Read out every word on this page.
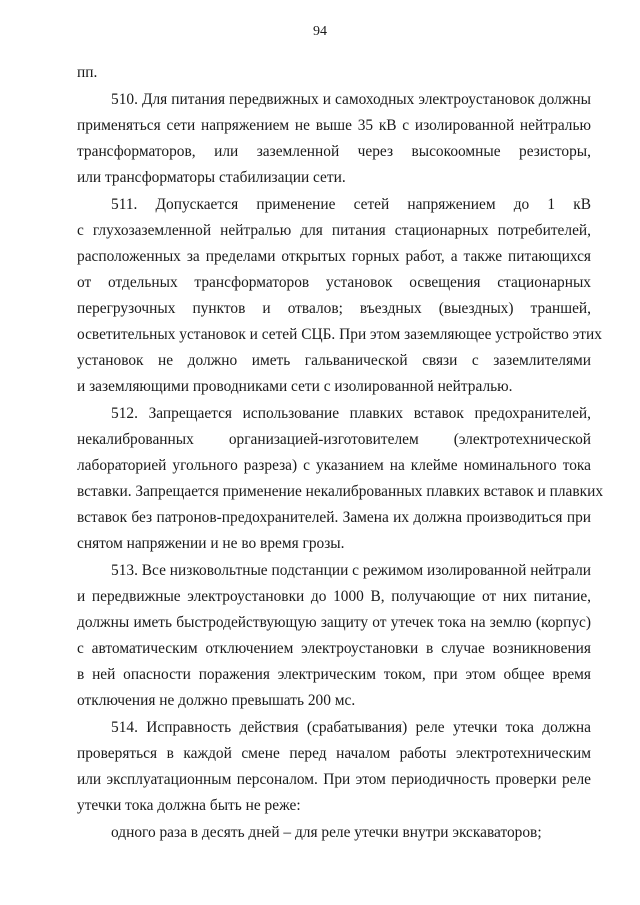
94
пп.
510. Для питания передвижных и самоходных электроустановок должны
применяться сети напряжением не выше 35 кВ с изолированной нейтралью
трансформаторов, или заземленной через высокоомные резисторы,
или трансформаторы стабилизации сети.
511. Допускается применение сетей напряжением до 1 кВ
с глухозаземленной нейтралью для питания стационарных потребителей,
расположенных за пределами открытых горных работ, а также питающихся
от отдельных трансформаторов установок освещения стационарных
перегрузочных пунктов и отвалов; въездных (выездных) траншей,
осветительных установок и сетей СЦБ. При этом заземляющее устройство этих
установок не должно иметь гальванической связи с заземлителями
и заземляющими проводниками сети с изолированной нейтралью.
512. Запрещается использование плавких вставок предохранителей,
некалиброванных организацией-изготовителем (электротехнической
лабораторией угольного разреза) с указанием на клейме номинального тока
вставки. Запрещается применение некалиброванных плавких вставок и плавких
вставок без патронов-предохранителей. Замена их должна производиться при
снятом напряжении и не во время грозы.
513. Все низковольтные подстанции с режимом изолированной нейтрали
и передвижные электроустановки до 1000 В, получающие от них питание,
должны иметь быстродействующую защиту от утечек тока на землю (корпус)
с автоматическим отключением электроустановки в случае возникновения
в ней опасности поражения электрическим током, при этом общее время
отключения не должно превышать 200 мс.
514. Исправность действия (срабатывания) реле утечки тока должна
проверяться в каждой смене перед началом работы электротехническим
или эксплуатационным персоналом. При этом периодичность проверки реле
утечки тока должна быть не реже:
одного раза в десять дней – для реле утечки внутри экскаваторов;
